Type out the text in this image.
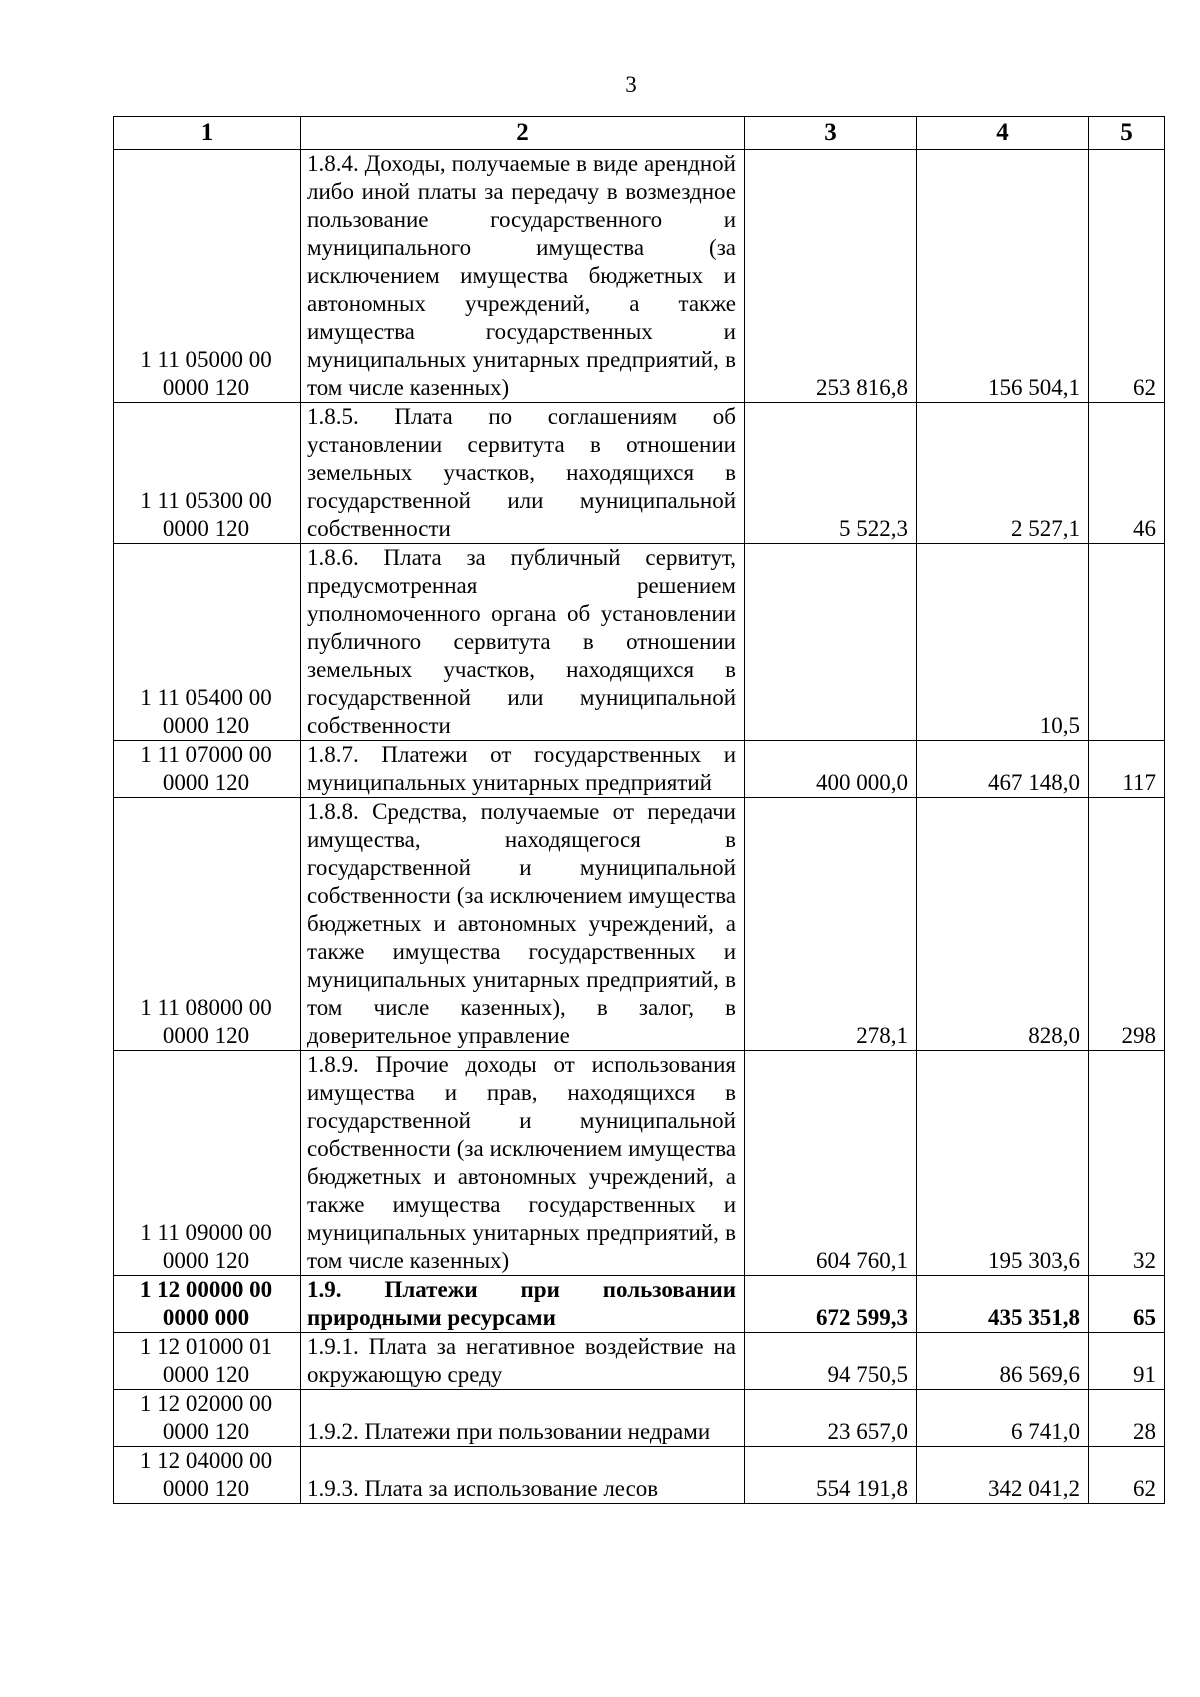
3
1	2	3	4	5
1 11 05000 00 0000 120	1.8.4. Доходы, получаемые в виде арендной либо иной платы за передачу в возмездное пользование государственного и муниципального имущества (за исключением имущества бюджетных и автономных учреждений, а также имущества государственных и муниципальных унитарных предприятий, в том числе казенных)	253 816,8	156 504,1	62
1 11 05300 00 0000 120	1.8.5. Плата по соглашениям об установлении сервитута в отношении земельных участков, находящихся в государственной или муниципальной собственности	5 522,3	2 527,1	46
1 11 05400 00 0000 120	1.8.6. Плата за публичный сервитут, предусмотренная решением уполномоченного органа об установлении публичного сервитута в отношении земельных участков, находящихся в государственной или муниципальной собственности		10,5	
1 11 07000 00 0000 120	1.8.7. Платежи от государственных и муниципальных унитарных предприятий	400 000,0	467 148,0	117
1 11 08000 00 0000 120	1.8.8. Средства, получаемые от передачи имущества, находящегося в государственной и муниципальной собственности (за исключением имущества бюджетных и автономных учреждений, а также имущества государственных и муниципальных унитарных предприятий, в том числе казенных), в залог, в доверительное управление	278,1	828,0	298
1 11 09000 00 0000 120	1.8.9. Прочие доходы от использования имущества и прав, находящихся в государственной и муниципальной собственности (за исключением имущества бюджетных и автономных учреждений, а также имущества государственных и муниципальных унитарных предприятий, в том числе казенных)	604 760,1	195 303,6	32
1 12 00000 00 0000 000	1.9. Платежи при пользовании природными ресурсами	672 599,3	435 351,8	65
1 12 01000 01 0000 120	1.9.1. Плата за негативное воздействие на окружающую среду	94 750,5	86 569,6	91
1 12 02000 00 0000 120	1.9.2. Платежи при пользовании недрами	23 657,0	6 741,0	28
1 12 04000 00 0000 120	1.9.3. Плата за использование лесов	554 191,8	342 041,2	62
